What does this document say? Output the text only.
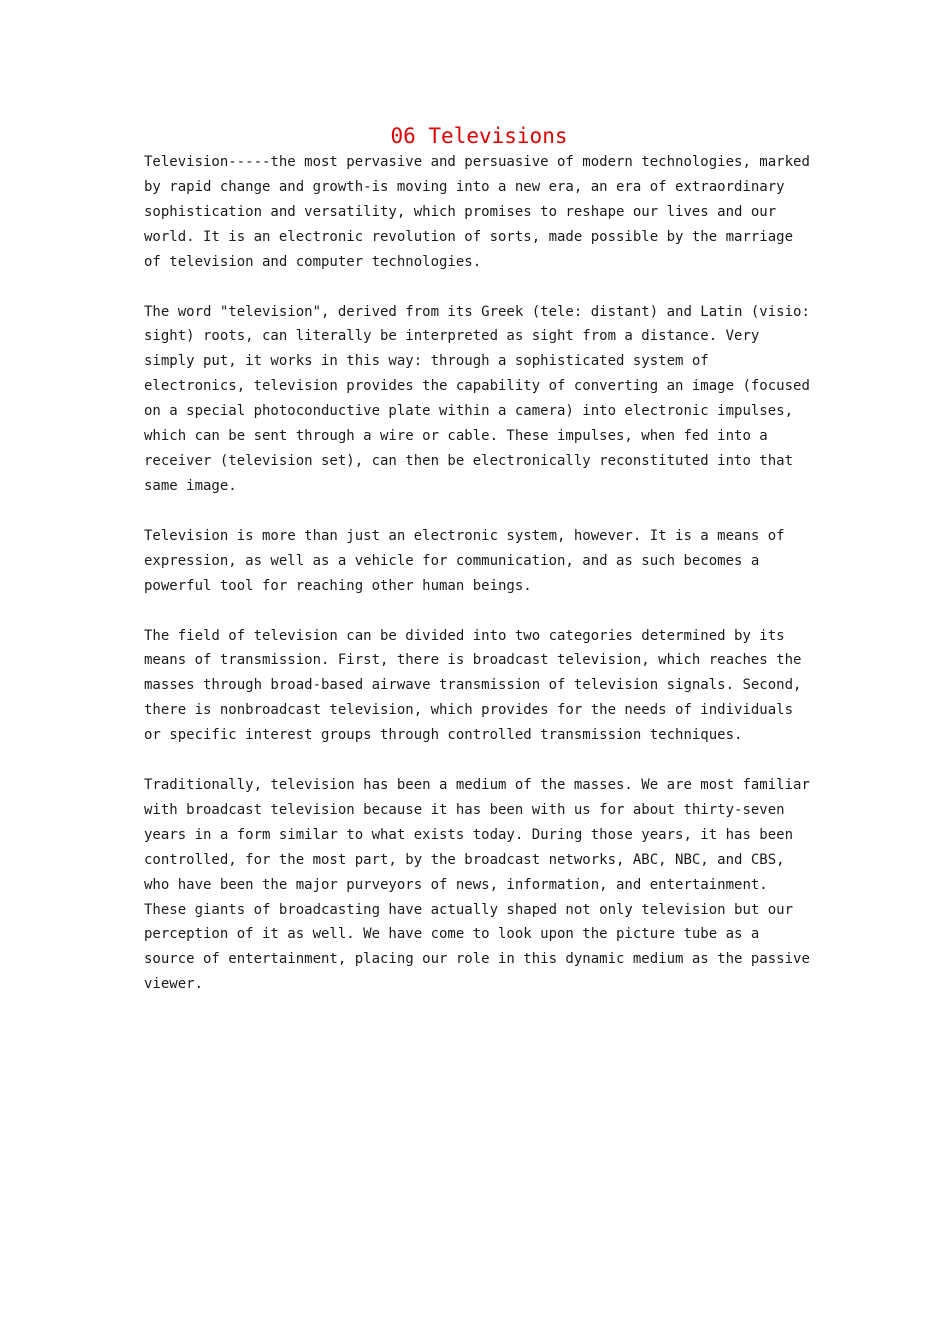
06 Televisions

Television-----the most pervasive and persuasive of modern technologies, marked
by rapid change and growth-is moving into a new era, an era of extraordinary
sophistication and versatility, which promises to reshape our lives and our
world. It is an electronic revolution of sorts, made possible by the marriage
of television and computer technologies.

The word "television", derived from its Greek (tele: distant) and Latin (visio:
sight) roots, can literally be interpreted as sight from a distance. Very
simply put, it works in this way: through a sophisticated system of
electronics, television provides the capability of converting an image (focused
on a special photoconductive plate within a camera) into electronic impulses,
which can be sent through a wire or cable. These impulses, when fed into a
receiver (television set), can then be electronically reconstituted into that
same image.

Television is more than just an electronic system, however. It is a means of
expression, as well as a vehicle for communication, and as such becomes a
powerful tool for reaching other human beings.

The field of television can be divided into two categories determined by its
means of transmission. First, there is broadcast television, which reaches the
masses through broad-based airwave transmission of television signals. Second,
there is nonbroadcast television, which provides for the needs of individuals
or specific interest groups through controlled transmission techniques.

Traditionally, television has been a medium of the masses. We are most familiar
with broadcast television because it has been with us for about thirty-seven
years in a form similar to what exists today. During those years, it has been
controlled, for the most part, by the broadcast networks, ABC, NBC, and CBS,
who have been the major purveyors of news, information, and entertainment.
These giants of broadcasting have actually shaped not only television but our
perception of it as well. We have come to look upon the picture tube as a
source of entertainment, placing our role in this dynamic medium as the passive
viewer.
